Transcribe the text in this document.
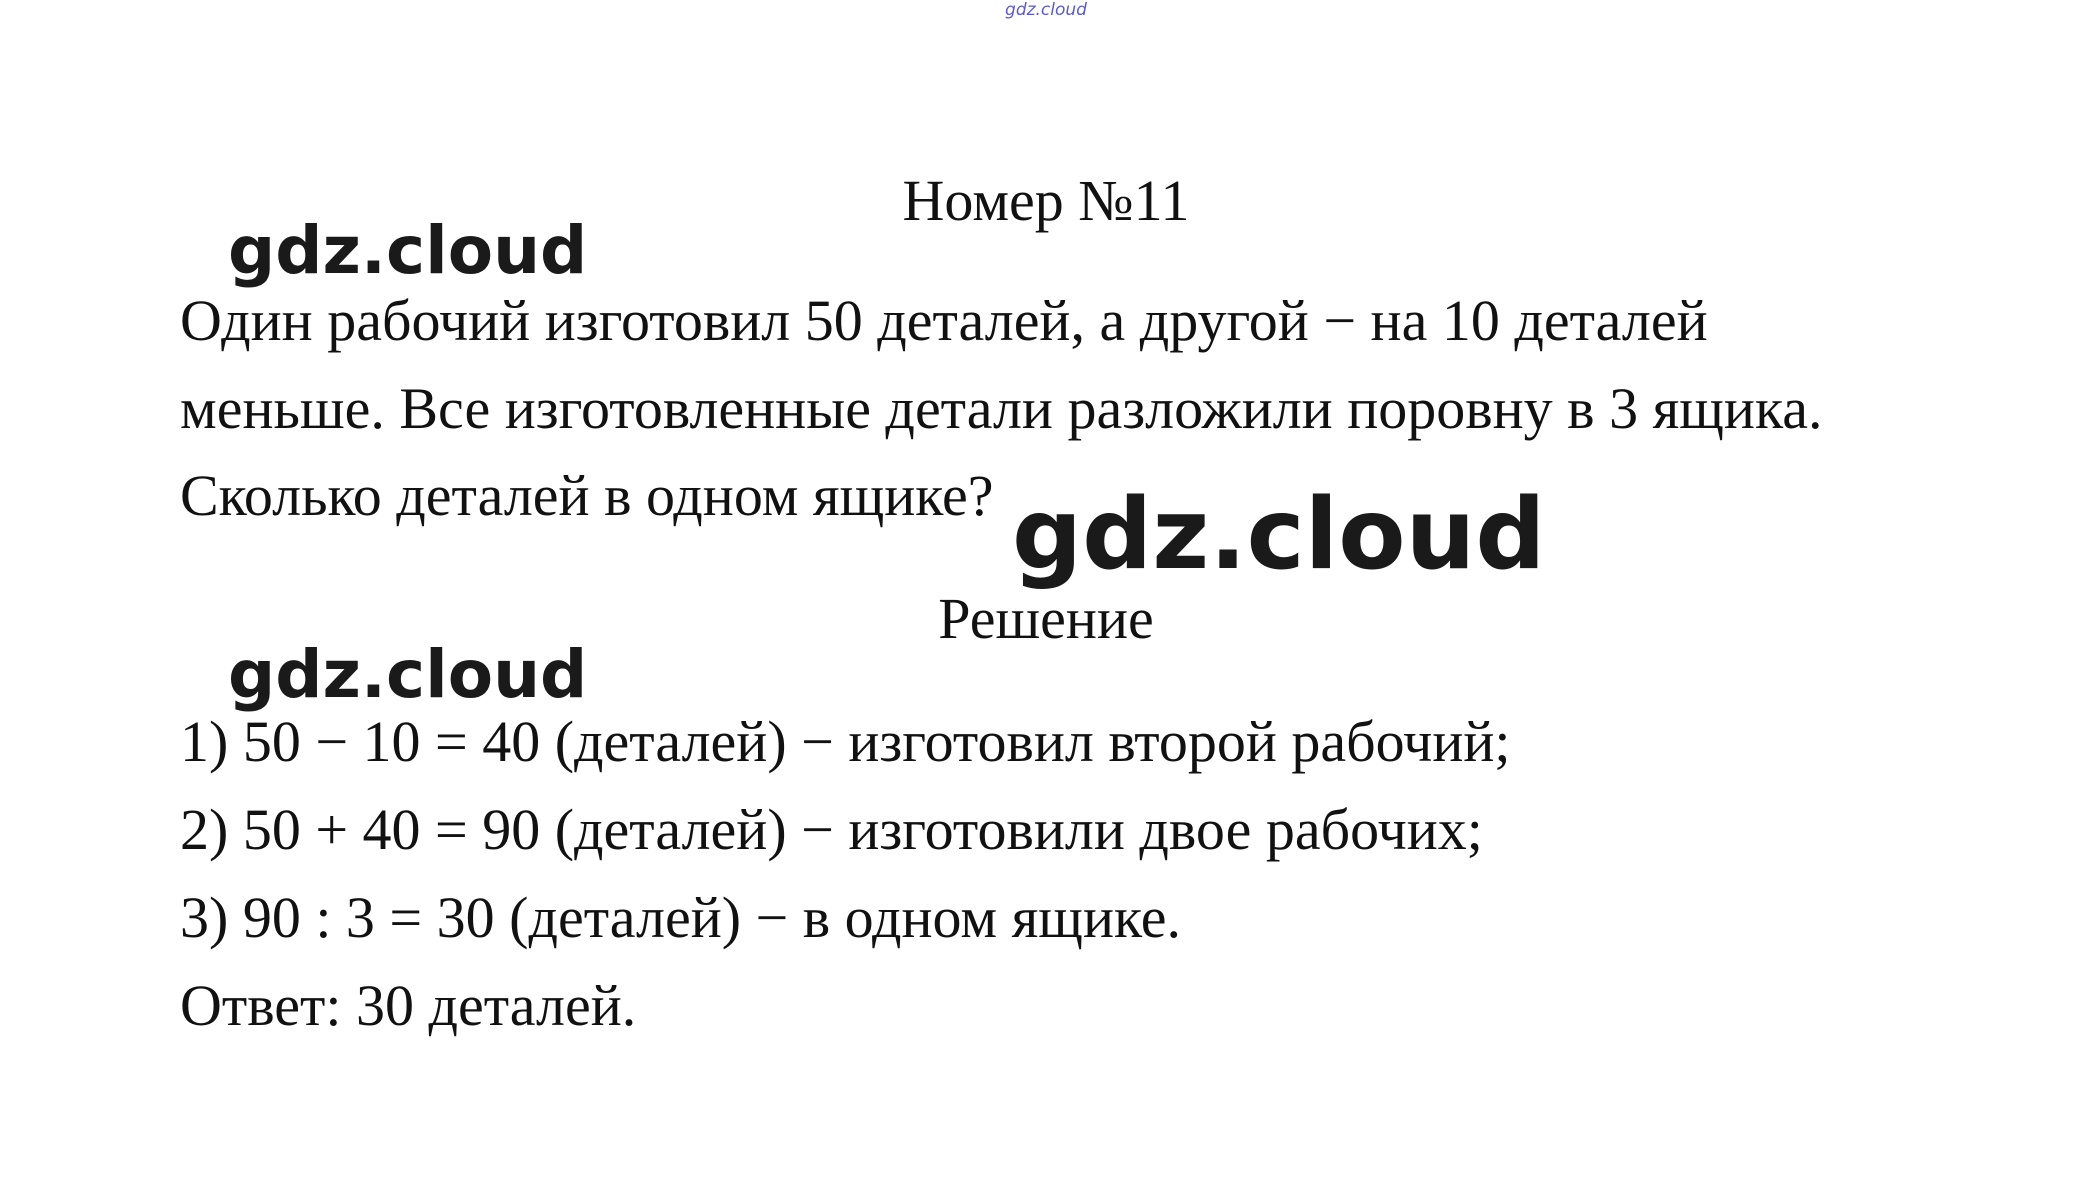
gdz.cloud
Номер №11
gdz.cloud
Один рабочий изготовил 50 деталей, а другой − на 10 деталей
меньше. Все изготовленные детали разложили поровну в 3 ящика.
Сколько деталей в одном ящике? gdz.cloud
Решение
gdz.cloud
1) 50 − 10 = 40 (деталей) − изготовил второй рабочий;
2) 50 + 40 = 90 (деталей) − изготовили двое рабочих;
3) 90 : 3 = 30 (деталей) − в одном ящике.
Ответ: 30 деталей.
